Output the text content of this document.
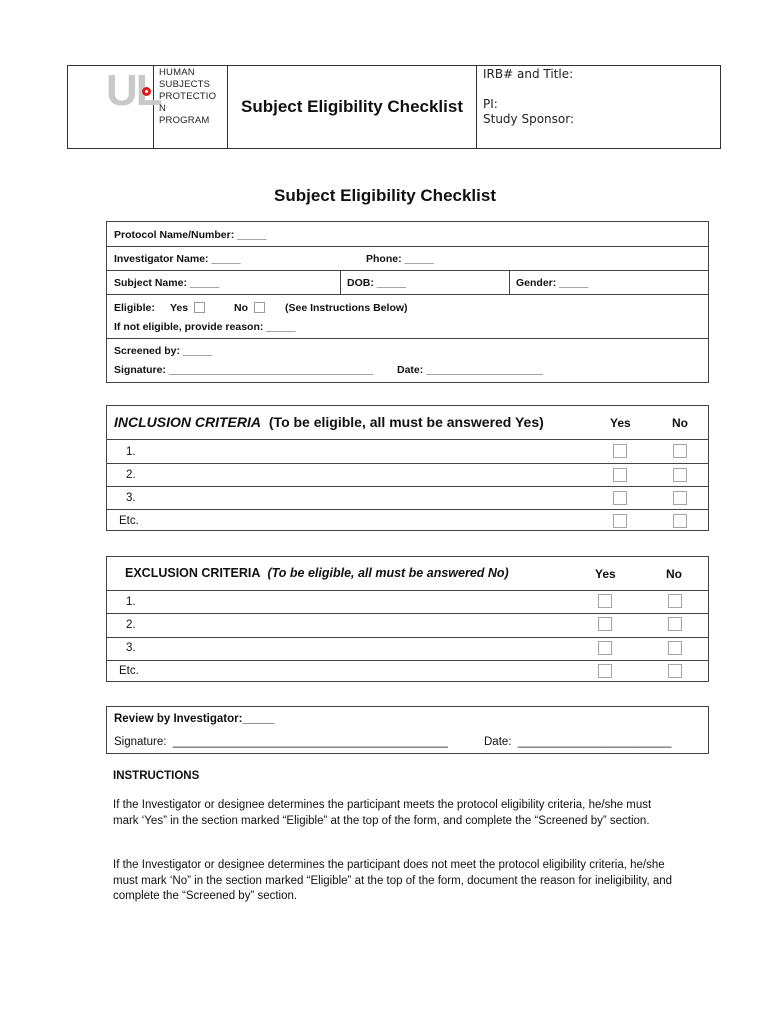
UL
HUMAN
SUBJECTS
PROTECTIO
N
PROGRAM
Subject Eligibility Checklist
IRB# and Title:
PI:
Study Sponsor:
Subject Eligibility Checklist
Protocol Name/Number: _____
Investigator Name: _____	Phone: _____
Subject Name: _____	DOB: _____	Gender: _____
Eligible: Yes	No	(See Instructions Below)
If not eligible, provide reason: _____
Screened by: _____
Signature: ___________________________________ Date: ____________________
INCLUSION CRITERIA (To be eligible, all must be answered Yes)	Yes	No
1.
2.
3.
Etc.
EXCLUSION CRITERIA (To be eligible, all must be answered No)	Yes	No
1.
2.
3.
Etc.
Review by Investigator:_____
Signature:  ___________________________________________	Date:  ________________________
INSTRUCTIONS
If the Investigator or designee determines the participant meets the protocol eligibility criteria, he/she must mark ‘Yes” in the section marked “Eligible” at the top of the form, and complete the “Screened by” section.
If the Investigator or designee determines the participant does not meet the protocol eligibility criteria, he/she must mark ‘No” in the section marked “Eligible” at the top of the form, document the reason for ineligibility, and complete the “Screened by” section.
